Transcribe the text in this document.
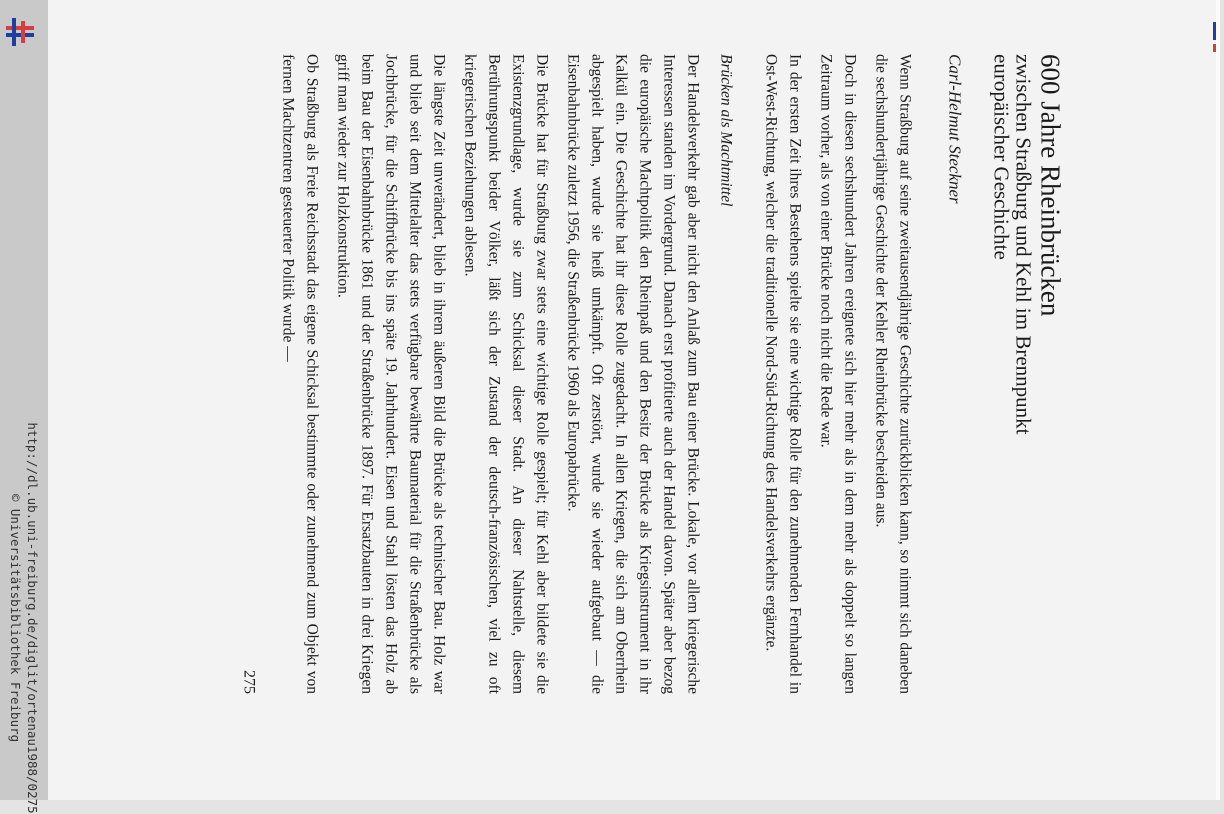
http://dl.ub.uni-freiburg.de/diglit/ortenau1988/0275
© Universitätsbibliothek Freiburg
600 Jahre Rheinbrücken
zwischen Straßburg und Kehl im Brennpunkt
europäischer Geschichte
Carl-Helmut Steckner

Wenn Straßburg auf seine zweitausendjährige Geschichte zurückblicken kann, so nimmt sich daneben die sechshundertjährige Geschichte der Kehler Rheinbrücke bescheiden aus.

Doch in diesen sechshundert Jahren ereignete sich hier mehr als in dem mehr als doppelt so langen Zeitraum vorher, als von einer Brücke noch nicht die Rede war.

In der ersten Zeit ihres Bestehens spielte sie eine wichtige Rolle für den zunehmenden Fernhandel in Ost-West-Richtung, welcher die traditionelle Nord-Süd-Richtung des Handelsverkehrs ergänzte.

Brücken als Machtmittel

Der Handelsverkehr gab aber nicht den Anlaß zum Bau einer Brücke. Lokale, vor allem kriegerische Interessen standen im Vordergrund. Danach erst profitierte auch der Handel davon. Später aber bezog die europäische Machtpolitik den Rheinpaß und den Besitz der Brücke als Kriegsinstrument in ihr Kalkül ein. Die Geschichte hat ihr diese Rolle zugedacht. In allen Kriegen, die sich am Oberrhein abgespielt haben, wurde sie heiß umkämpft. Oft zerstört, wurde sie wieder aufgebaut — die Eisenbahnbrücke zuletzt 1956, die Straßenbrücke 1960 als Europabrücke.

Die Brücke hat für Straßburg zwar stets eine wichtige Rolle gespielt; für Kehl aber bildete sie die Existenzgrundlage, wurde sie zum Schicksal dieser Stadt. An dieser Nahtstelle, diesem Berührungspunkt beider Völker, läßt sich der Zustand der deutsch-französischen, viel zu oft kriegerischen Beziehungen ablesen.

Die längste Zeit unverändert, blieb in ihrem äußeren Bild die Brücke als technischer Bau. Holz war und blieb seit dem Mittelalter das stets verfügbare bewährte Baumaterial für die Straßenbrücke als Jochbrücke, für die Schiffbrücke bis ins späte 19. Jahrhundert. Eisen und Stahl lösten das Holz ab beim Bau der Eisenbahnbrücke 1861 und der Straßenbrücke 1897. Für Ersatzbauten in drei Kriegen griff man wieder zur Holzkonstruktion.

Ob Straßburg als Freie Reichsstadt das eigene Schicksal bestimmte oder zunehmend zum Objekt von fernen Machtzentren gesteuerter Politik wurde —

275
